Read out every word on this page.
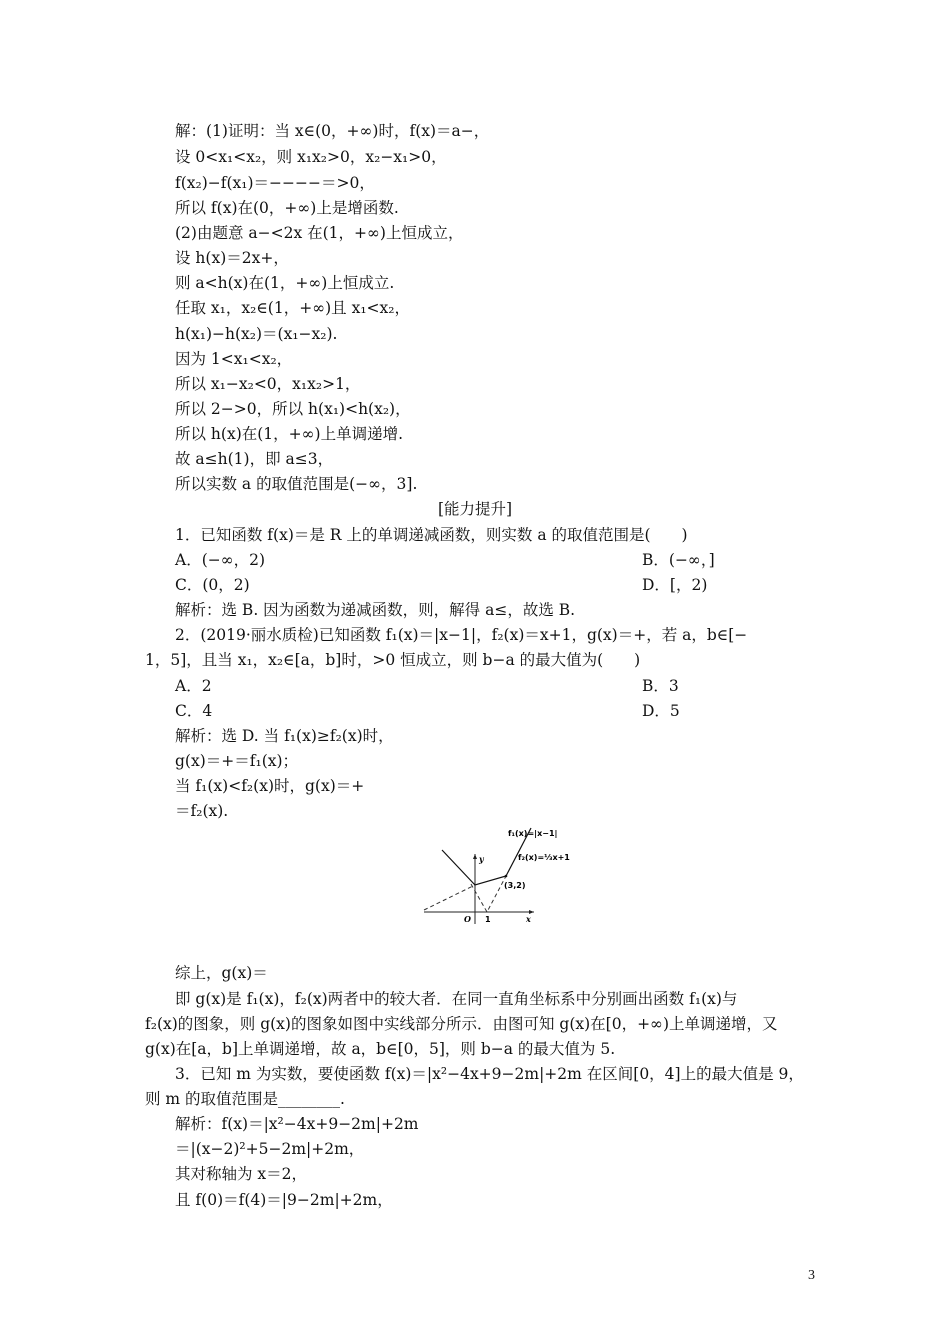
解：(1)证明：当 x∈(0，+∞)时，f(x)＝a−，
设 0<x₁<x₂，则 x₁x₂>0，x₂−x₁>0，
f(x₂)−f(x₁)＝−−−−＝>0，
所以 f(x)在(0，+∞)上是增函数.
(2)由题意 a−<2x 在(1，+∞)上恒成立，
设 h(x)＝2x+，
则 a<h(x)在(1，+∞)上恒成立.
任取 x₁，x₂∈(1，+∞)且 x₁<x₂，
h(x₁)−h(x₂)＝(x₁−x₂).
因为 1<x₁<x₂，
所以 x₁−x₂<0，x₁x₂>1，
所以 2−>0，所以 h(x₁)<h(x₂)，
所以 h(x)在(1，+∞)上单调递增.
故 a≤h(1)，即 a≤3，
所以实数 a 的取值范围是(−∞，3].
[能力提升]
1．已知函数 f(x)＝是 R 上的单调递减函数，则实数 a 的取值范围是(　　)
A．(−∞，2)	B．(−∞，]
C．(0，2)	D．[，2)
解析：选 B. 因为函数为递减函数，则，解得 a≤，故选 B.
2．(2019·丽水质检)已知函数 f₁(x)＝|x−1|，f₂(x)＝x+1，g(x)＝+，若 a，b∈[−
1，5]，且当 x₁，x₂∈[a，b]时，>0 恒成立，则 b−a 的最大值为(　　)
A．2	B．3
C．4	D．5
解析：选 D. 当 f₁(x)≥f₂(x)时，
g(x)＝+＝f₁(x)；
当 f₁(x)<f₂(x)时，g(x)＝+
＝f₂(x).
f₁(x)=|x−1|
f₂(x)=⅓x+1
(3,2)
y
x
O 1
综上，g(x)＝
即 g(x)是 f₁(x)，f₂(x)两者中的较大者．在同一直角坐标系中分别画出函数 f₁(x)与
f₂(x)的图象，则 g(x)的图象如图中实线部分所示．由图可知 g(x)在[0，+∞)上单调递增，又
g(x)在[a，b]上单调递增，故 a，b∈[0，5]，则 b−a 的最大值为 5.
3．已知 m 为实数，要使函数 f(x)＝|x²−4x+9−2m|+2m 在区间[0，4]上的最大值是 9，
则 m 的取值范围是________.
解析：f(x)＝|x²−4x+9−2m|+2m
＝|(x−2)²+5−2m|+2m，
其对称轴为 x＝2，
且 f(0)＝f(4)＝|9−2m|+2m，
3
